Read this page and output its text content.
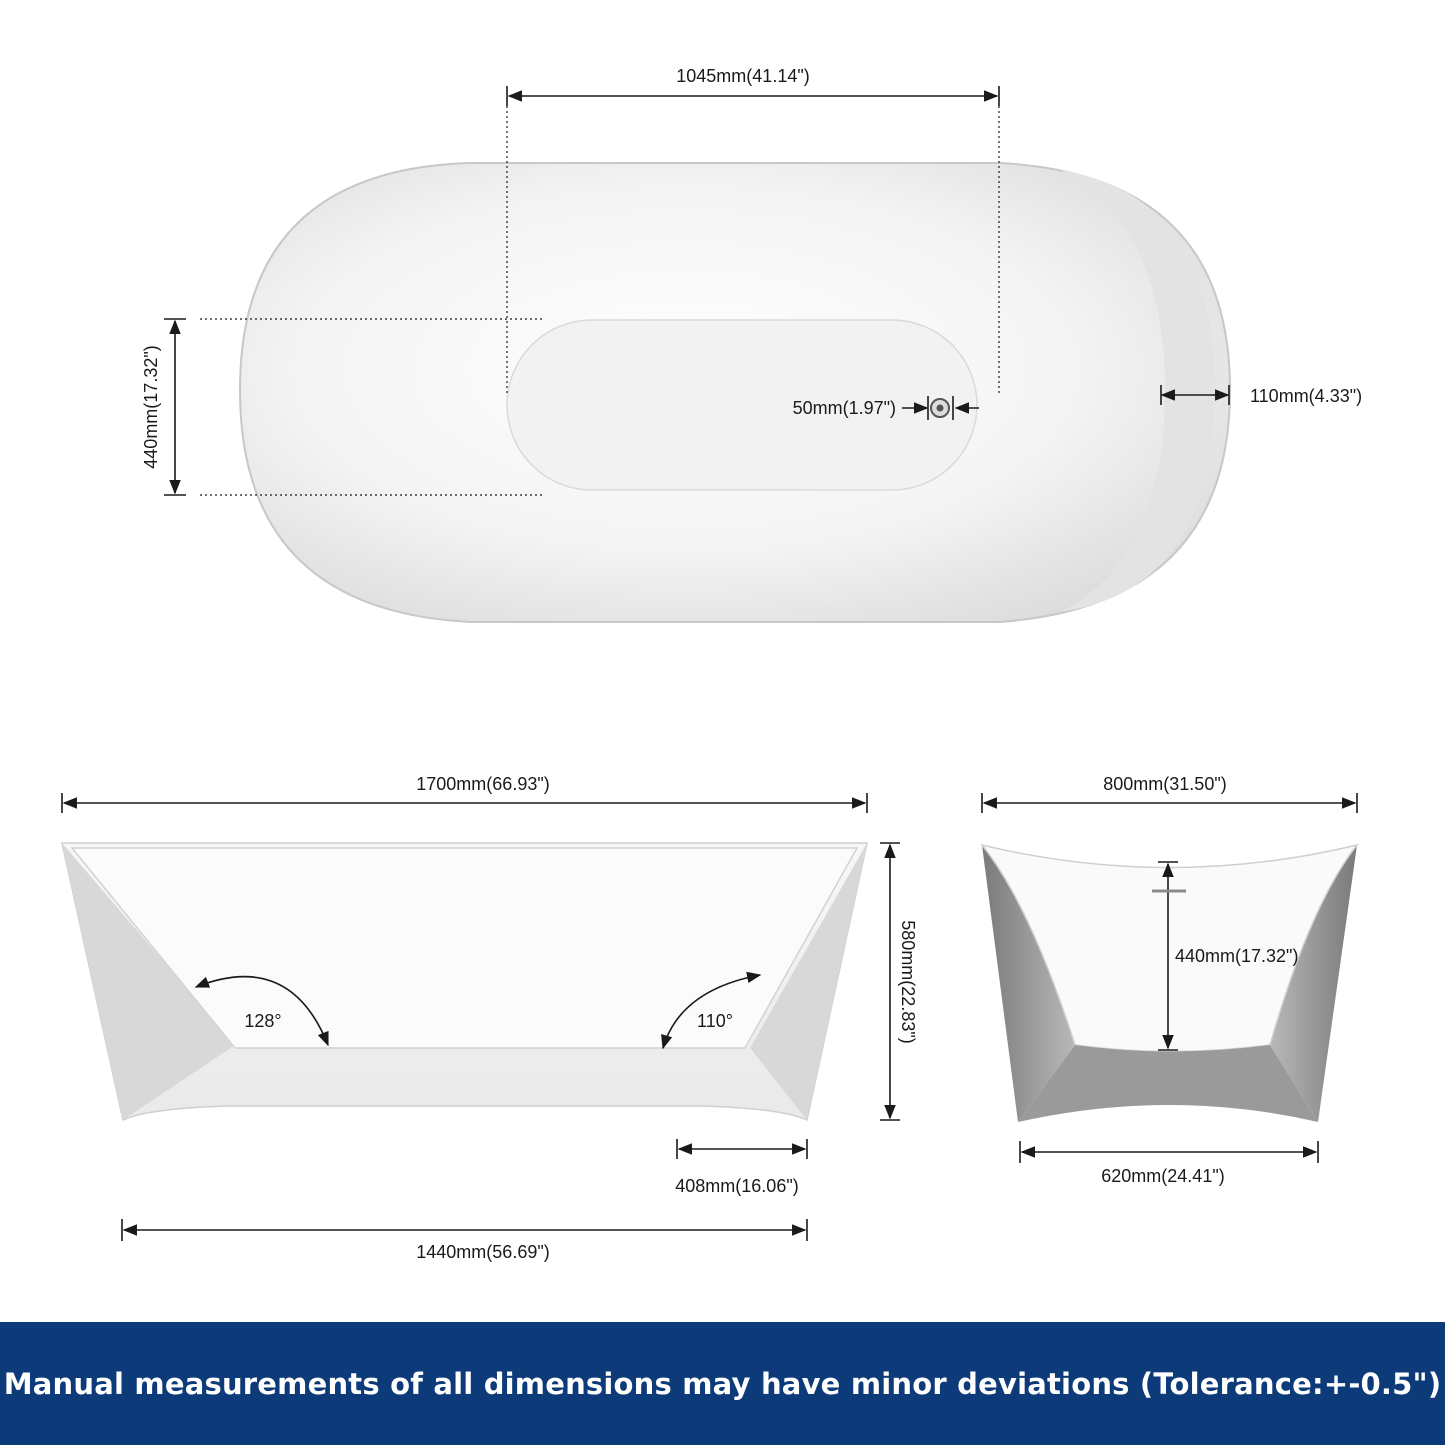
1045mm(41.14")
440mm(17.32")	50mm(1.97")
110mm(4.33")
1700mm(66.93")
580mm(22.83")
128°	110°
408mm(16.06")
1440mm(56.69")
800mm(31.50")
440mm(17.32")
620mm(24.41")
Manual measurements of all dimensions may have minor deviations (Tolerance:+-0.5")
